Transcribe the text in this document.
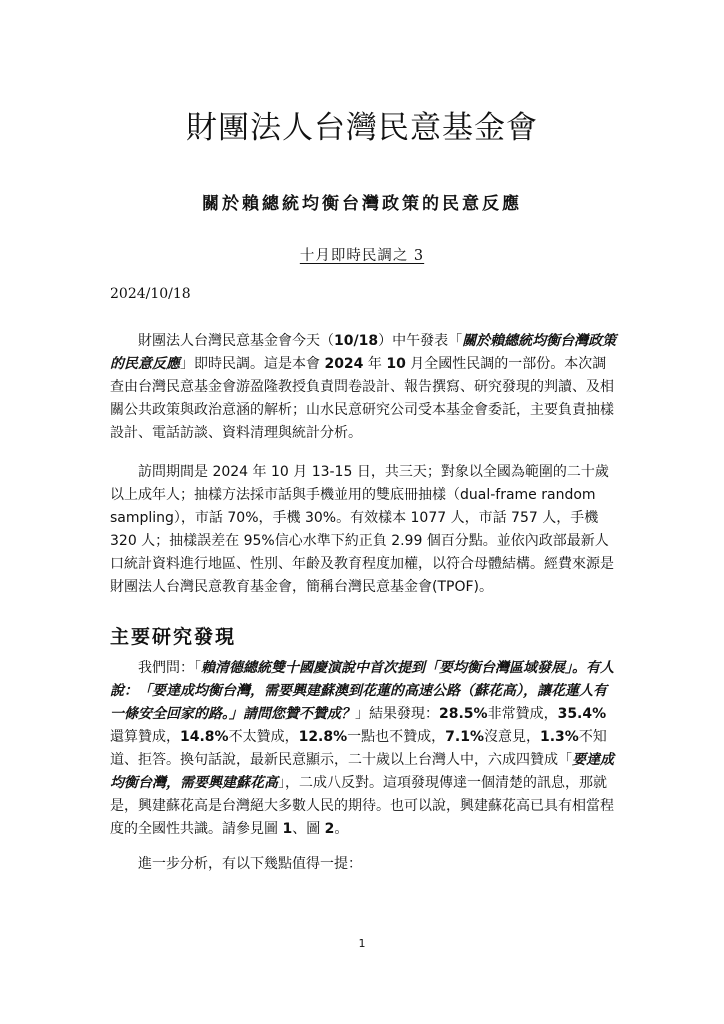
財團法人台灣民意基金會
關於賴總統均衡台灣政策的民意反應
十月即時民調之 3
2024/10/18

財團法人台灣民意基金會今天（10/18）中午發表「關於賴總統均衡台灣政策的民意反應」即時民調。這是本會 2024 年 10 月全國性民調的一部份。本次調查由台灣民意基金會游盈隆教授負責問卷設計、報告撰寫、研究發現的判讀、及相關公共政策與政治意涵的解析；山水民意研究公司受本基金會委託，主要負責抽樣設計、電話訪談、資料清理與統計分析。

訪問期間是 2024 年 10 月 13-15 日，共三天；對象以全國為範圍的二十歲以上成年人；抽樣方法採市話與手機並用的雙底冊抽樣（dual-frame random sampling），市話 70%，手機 30%。有效樣本 1077 人，市話 757 人，手機 320 人；抽樣誤差在 95%信心水準下約正負 2.99 個百分點。並依內政部最新人口統計資料進行地區、性別、年齡及教育程度加權，以符合母體結構。經費來源是財團法人台灣民意教育基金會，簡稱台灣民意基金會(TPOF)。

主要研究發現

我們問：「賴清德總統雙十國慶演說中首次提到「要均衡台灣區域發展」。有人說：「要達成均衡台灣，需要興建蘇澳到花蓮的高速公路（蘇花高），讓花蓮人有一條安全回家的路。」請問您贊不贊成？」結果發現：28.5%非常贊成，35.4%還算贊成，14.8%不太贊成，12.8%一點也不贊成，7.1%沒意見，1.3%不知道、拒答。換句話說，最新民意顯示，二十歲以上台灣人中，六成四贊成「要達成均衡台灣，需要興建蘇花高」，二成八反對。這項發現傳達一個清楚的訊息，那就是，興建蘇花高是台灣絕大多數人民的期待。也可以說，興建蘇花高已具有相當程度的全國性共識。請參見圖 1、圖 2。

進一步分析，有以下幾點值得一提：

1
